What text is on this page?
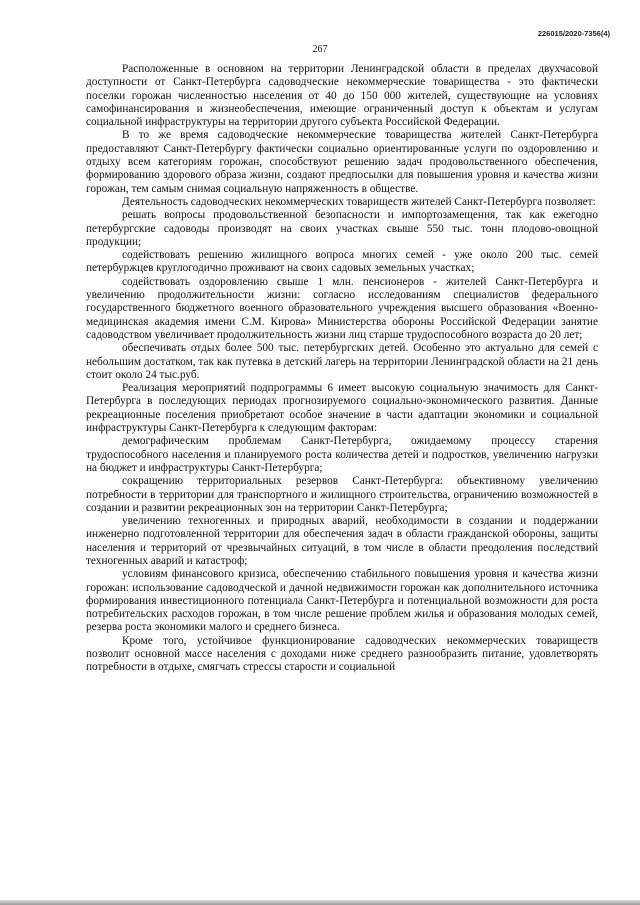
226015/2020-7356(4)
267

Расположенные в основном на территории Ленинградской области в пределах двухчасовой доступности от Санкт-Петербурга садоводческие некоммерческие товарищества - это фактически поселки горожан численностью населения от 40 до 150 000 жителей, существующие на условиях самофинансирования и жизнеобеспечения, имеющие ограниченный доступ к объектам и услугам социальной инфраструктуры на территории другого субъекта Российской Федерации.

В то же время садоводческие некоммерческие товарищества жителей Санкт-Петербурга предоставляют Санкт-Петербургу фактически социально ориентированные услуги по оздоровлению и отдыху всем категориям горожан, способствуют решению задач продовольственного обеспечения, формированию здорового образа жизни, создают предпосылки для повышения уровня и качества жизни горожан, тем самым снимая социальную напряженность в обществе.

Деятельность садоводческих некоммерческих товариществ жителей Санкт-Петербурга позволяет:

решать вопросы продовольственной безопасности и импортозамещения, так как ежегодно петербургские садоводы производят на своих участках свыше 550 тыс. тонн плодово-овощной продукции;

содействовать решению жилищного вопроса многих семей - уже около 200 тыс. семей петербуржцев круглогодично проживают на своих садовых земельных участках;

содействовать оздоровлению свыше 1 млн. пенсионеров - жителей Санкт-Петербурга и увеличению продолжительности жизни: согласно исследованиям специалистов федерального государственного бюджетного военного образовательного учреждения высшего образования «Военно-медицинская академия имени С.М. Кирова» Министерства обороны Российской Федерации занятие садоводством увеличивает продолжительность жизни лиц старше трудоспособного возраста до 20 лет;

обеспечивать отдых более 500 тыс. петербургских детей. Особенно это актуально для семей с небольшим достатком, так как путевка в детский лагерь на территории Ленинградской области на 21 день стоит около 24 тыс.руб.

Реализация мероприятий подпрограммы 6 имеет высокую социальную значимость для Санкт-Петербурга в последующих периодах прогнозируемого социально-экономического развития. Данные рекреационные поселения приобретают особое значение в части адаптации экономики и социальной инфраструктуры Санкт-Петербурга к следующим факторам:

демографическим проблемам Санкт-Петербурга, ожидаемому процессу старения трудоспособного населения и планируемого роста количества детей и подростков, увеличению нагрузки на бюджет и инфраструктуры Санкт-Петербурга;

сокращению территориальных резервов Санкт-Петербурга: объективному увеличению потребности в территории для транспортного и жилищного строительства, ограничению возможностей в создании и развитии рекреационных зон на территории Санкт-Петербурга;

увеличению техногенных и природных аварий, необходимости в создании и поддержании инженерно подготовленной территории для обеспечения задач в области гражданской обороны, защиты населения и территорий от чрезвычайных ситуаций, в том числе в области преодоления последствий техногенных аварий и катастроф;

условиям финансового кризиса, обеспечению стабильного повышения уровня и качества жизни горожан: использование садоводческой и дачной недвижимости горожан как дополнительного источника формирования инвестиционного потенциала Санкт-Петербурга и потенциальной возможности для роста потребительских расходов горожан, в том числе решение проблем жилья и образования молодых семей, резерва роста экономики малого и среднего бизнеса.

Кроме того, устойчивое функционирование садоводческих некоммерческих товариществ позволит основной массе населения с доходами ниже среднего разнообразить питание, удовлетворять потребности в отдыхе, смягчать стрессы старости и социальной
